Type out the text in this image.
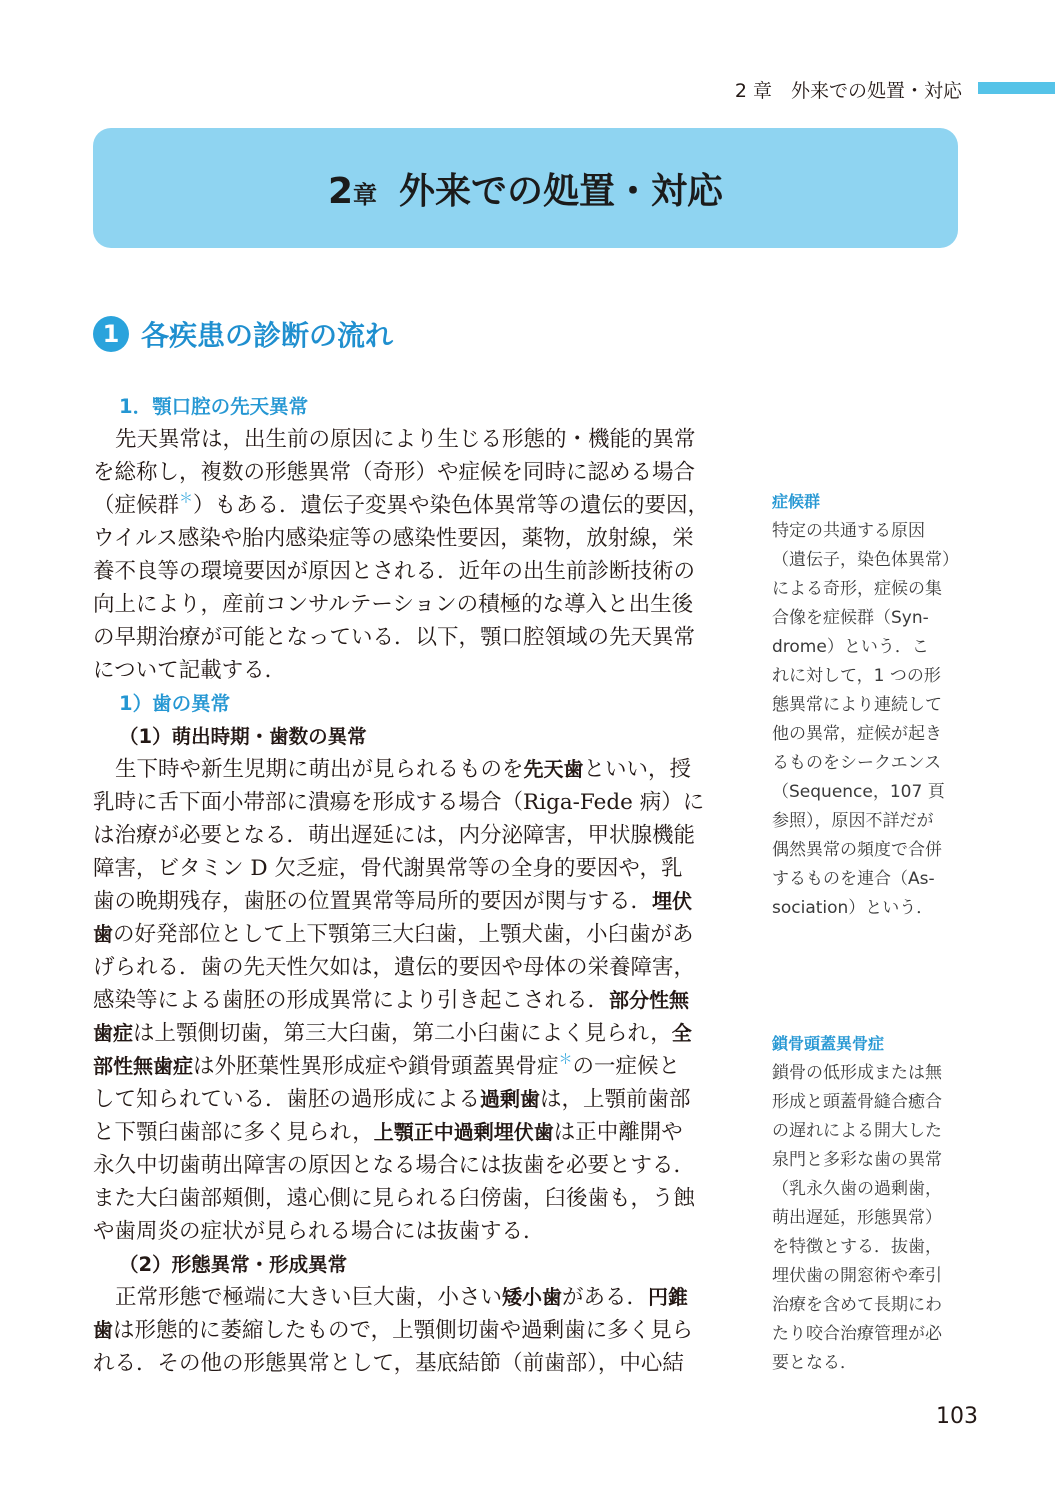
2 章　外来での処置・対応
2章 外来での処置・対応
1 各疾患の診断の流れ
1．顎口腔の先天異常
先天異常は，出生前の原因により生じる形態的・機能的異常
を総称し，複数の形態異常（奇形）や症候を同時に認める場合
（症候群＊）もある．遺伝子変異や染色体異常等の遺伝的要因，
ウイルス感染や胎内感染症等の感染性要因，薬物，放射線，栄
養不良等の環境要因が原因とされる．近年の出生前診断技術の
向上により，産前コンサルテーションの積極的な導入と出生後
の早期治療が可能となっている．以下，顎口腔領域の先天異常
について記載する．
1）歯の異常
（1）萌出時期・歯数の異常
生下時や新生児期に萌出が見られるものを先天歯といい，授
乳時に舌下面小帯部に潰瘍を形成する場合（Riga-Fede 病）に
は治療が必要となる．萌出遅延には，内分泌障害，甲状腺機能
障害，ビタミン D 欠乏症，骨代謝異常等の全身的要因や，乳
歯の晩期残存，歯胚の位置異常等局所的要因が関与する．埋伏
歯の好発部位として上下顎第三大臼歯，上顎犬歯，小臼歯があ
げられる．歯の先天性欠如は，遺伝的要因や母体の栄養障害，
感染等による歯胚の形成異常により引き起こされる．部分性無
歯症は上顎側切歯，第三大臼歯，第二小臼歯によく見られ，全
部性無歯症は外胚葉性異形成症や鎖骨頭蓋異骨症＊の一症候と
して知られている．歯胚の過形成による過剰歯は，上顎前歯部
と下顎臼歯部に多く見られ，上顎正中過剰埋伏歯は正中離開や
永久中切歯萌出障害の原因となる場合には抜歯を必要とする．
また大臼歯部頬側，遠心側に見られる臼傍歯，臼後歯も，う蝕
や歯周炎の症状が見られる場合には抜歯する．
（2）形態異常・形成異常
正常形態で極端に大きい巨大歯，小さい矮小歯がある．円錐
歯は形態的に萎縮したもので，上顎側切歯や過剰歯に多く見ら
れる．その他の形態異常として，基底結節（前歯部），中心結
症候群
特定の共通する原因
（遺伝子，染色体異常）
による奇形，症候の集
合像を症候群（Syn-
drome）という．こ
れに対して，1 つの形
態異常により連続して
他の異常，症候が起き
るものをシークエンス
（Sequence，107 頁
参照），原因不詳だが
偶然異常の頻度で合併
するものを連合（As-
sociation）という．
鎖骨頭蓋異骨症
鎖骨の低形成または無
形成と頭蓋骨縫合癒合
の遅れによる開大した
泉門と多彩な歯の異常
（乳永久歯の過剰歯，
萌出遅延，形態異常）
を特徴とする．抜歯，
埋伏歯の開窓術や牽引
治療を含めて長期にわ
たり咬合治療管理が必
要となる．
103
